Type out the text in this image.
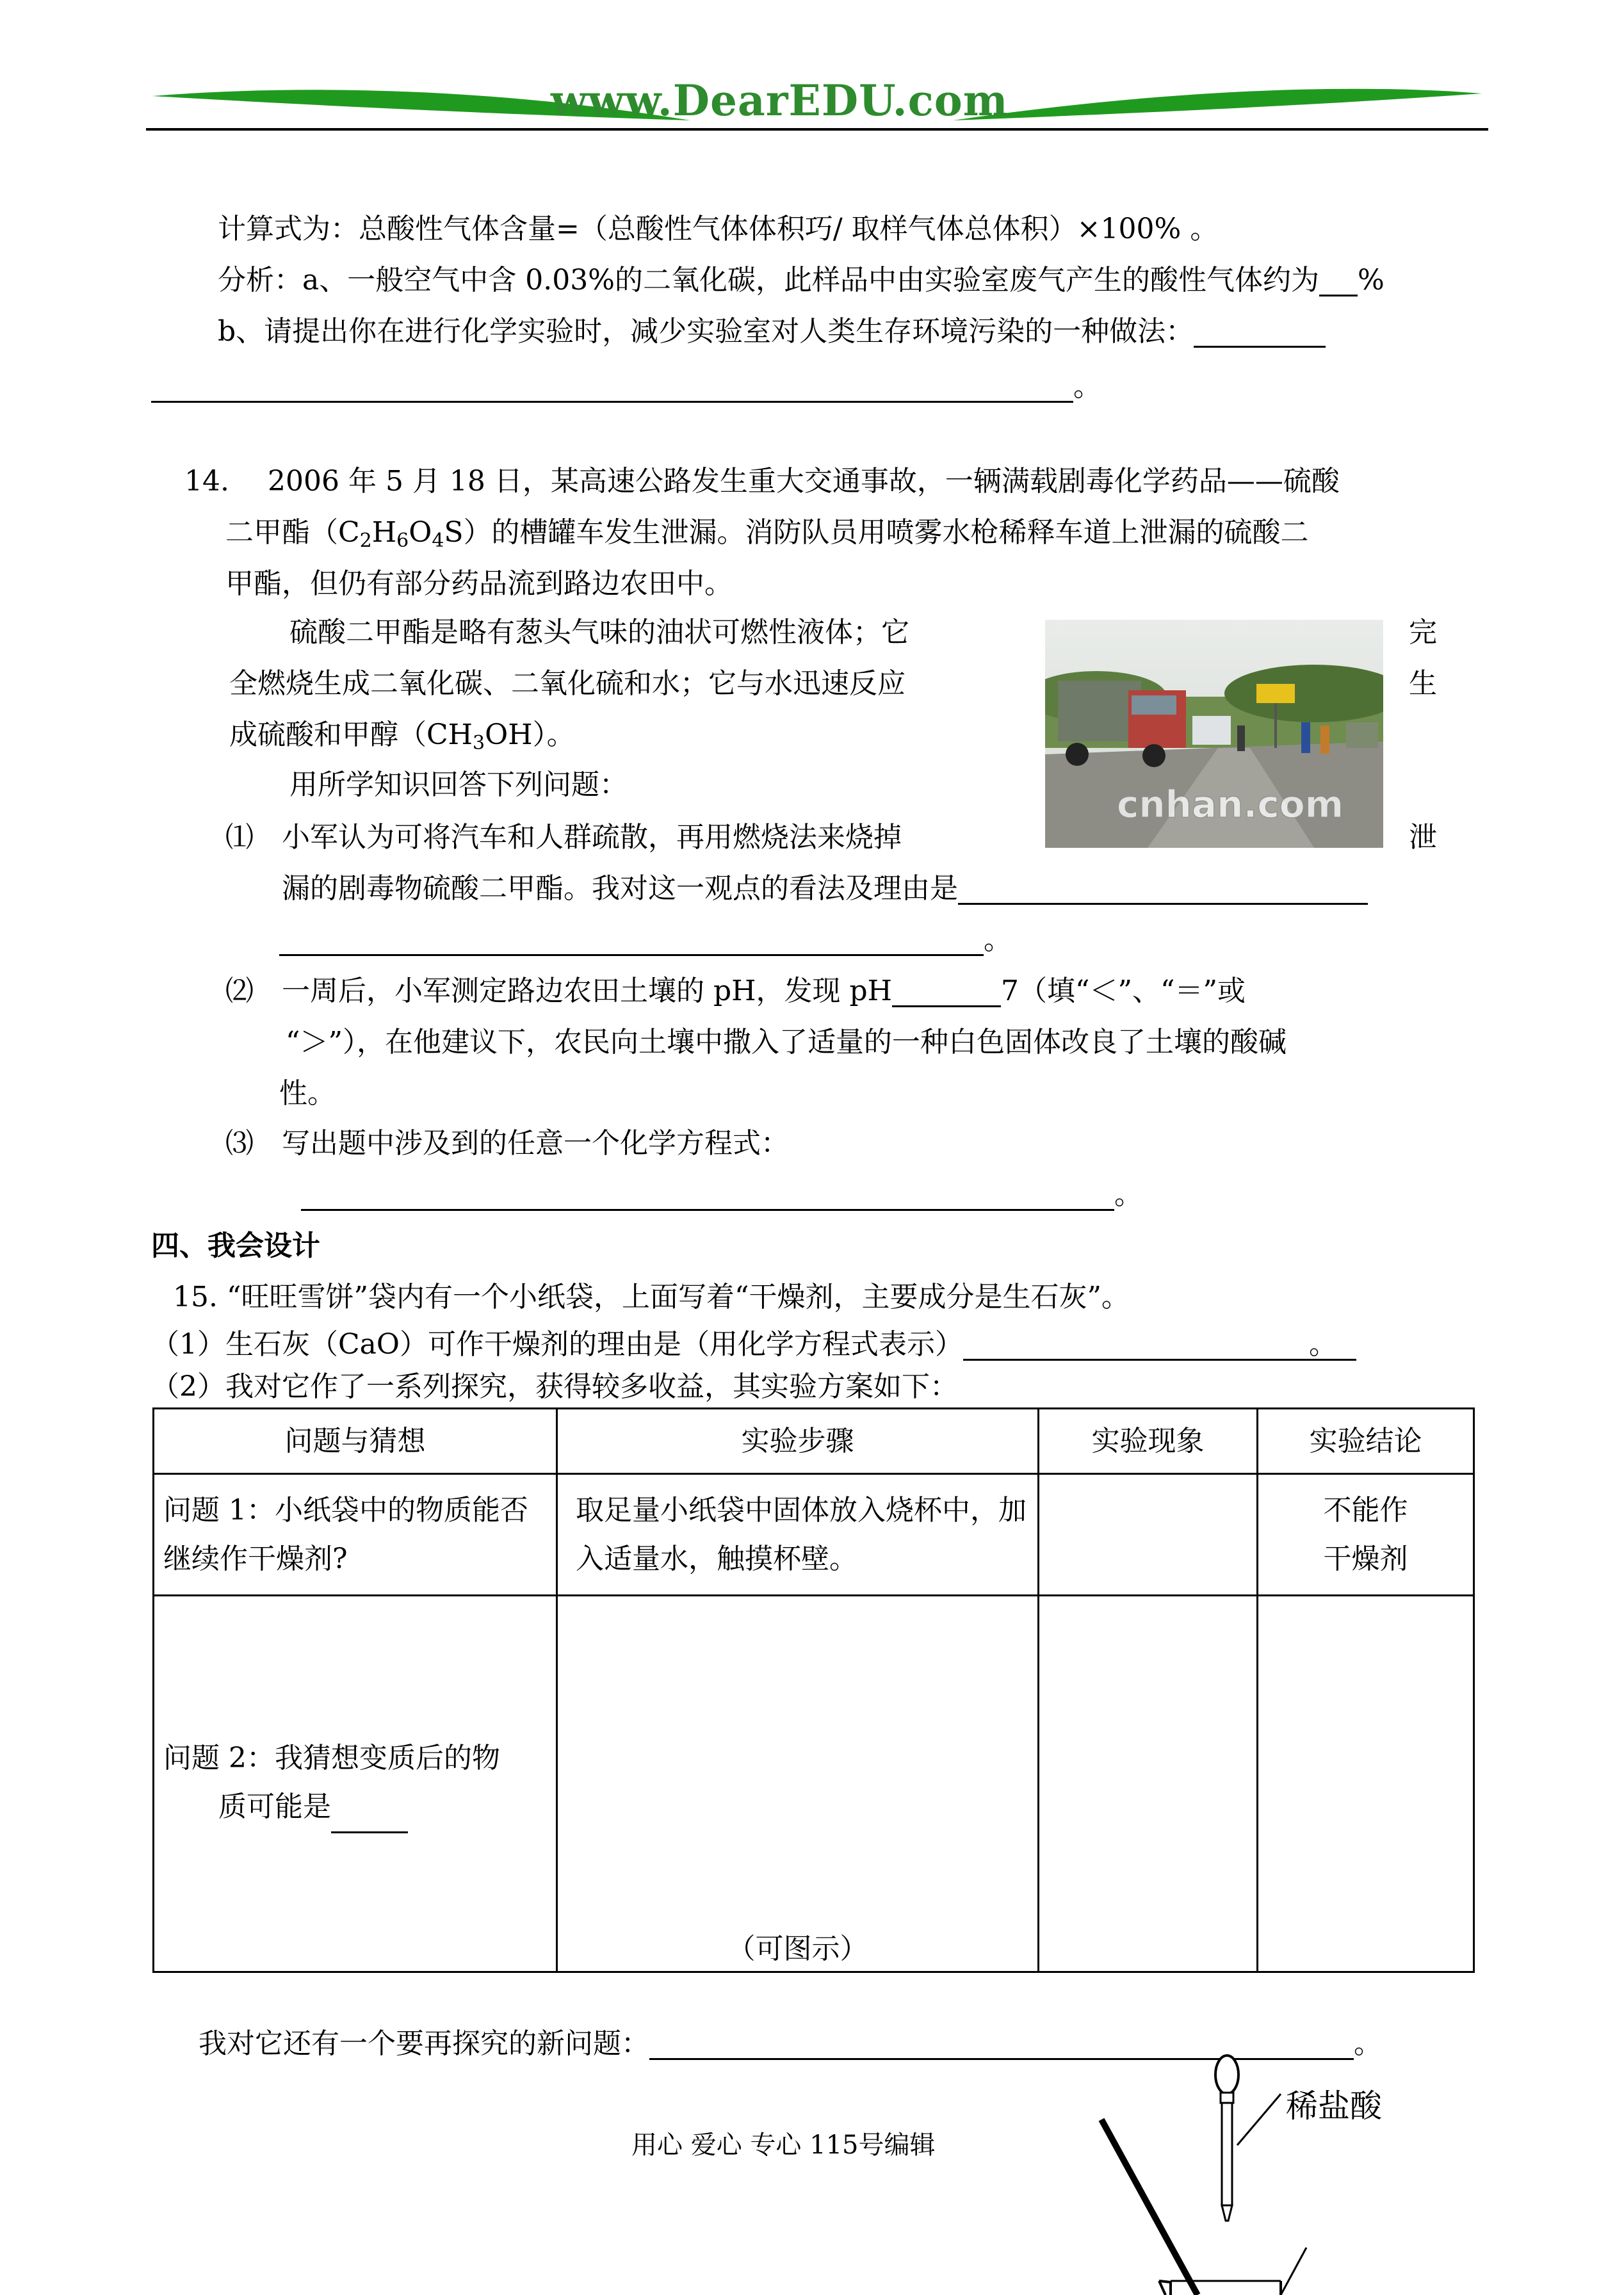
www.DearEDU.com
计算式为：总酸性气体含量=（总酸性气体体积巧/ 取样气体总体积）×100% 。
分析：a、一般空气中含 0.03%的二氧化碳，此样品中由实验室废气产生的酸性气体约为 %
b、请提出你在进行化学实验时，减少实验室对人类生存环境污染的一种做法：
。
14. 2006 年 5 月 18 日，某高速公路发生重大交通事故，一辆满载剧毒化学药品——硫酸
二甲酯$(C_2H_6O_4S)$的槽罐车发生泄漏。消防队员用喷雾水枪稀释车道上泄漏的硫酸二
甲酯，但仍有部分药品流到路边农田中。
硫酸二甲酯是略有葱头气味的油状可燃性液体；它	完
全燃烧生成二氧化碳、二氧化硫和水；它与水迅速反应	生
成硫酸和甲醇$(CH_3OH)$。
用所学知识回答下列问题：	cnhan.com
⑴ 小军认为可将汽车和人群疏散，再用燃烧法来烧掉	泄
漏的剧毒物硫酸二甲酯。我对这一观点的看法及理由是
。
⑵ 一周后，小军测定路边农田土壤的 pH，发现 pH	7（填“＜”、“＝”或
“＞”），在他建议下，农民向土壤中撒入了适量的一种白色固体改良了土壤的酸碱
性。
⑶ 写出题中涉及到的任意一个化学方程式：
。
四、我会设计
15. “旺旺雪饼”袋内有一个小纸袋，上面写着“干燥剂，主要成分是生石灰”。
（1）生石灰（CaO）可作干燥剂的理由是（用化学方程式表示）	。
（2）我对它作了一系列探究，获得较多收益，其实验方案如下：
问题与猜想	实验步骤	实验现象	实验结论
问题 1：小纸袋中的物质能否继续作干燥剂?	取足量小纸袋中固体放入烧杯中，加入适量水，触摸杯壁。		不能作
干燥剂

问题 2：我猜想变质后的物
质可能是	（可图示）		
我对它还有一个要再探究的新问题：	。
用心 爱心 专心 115号编辑
稀盐酸
